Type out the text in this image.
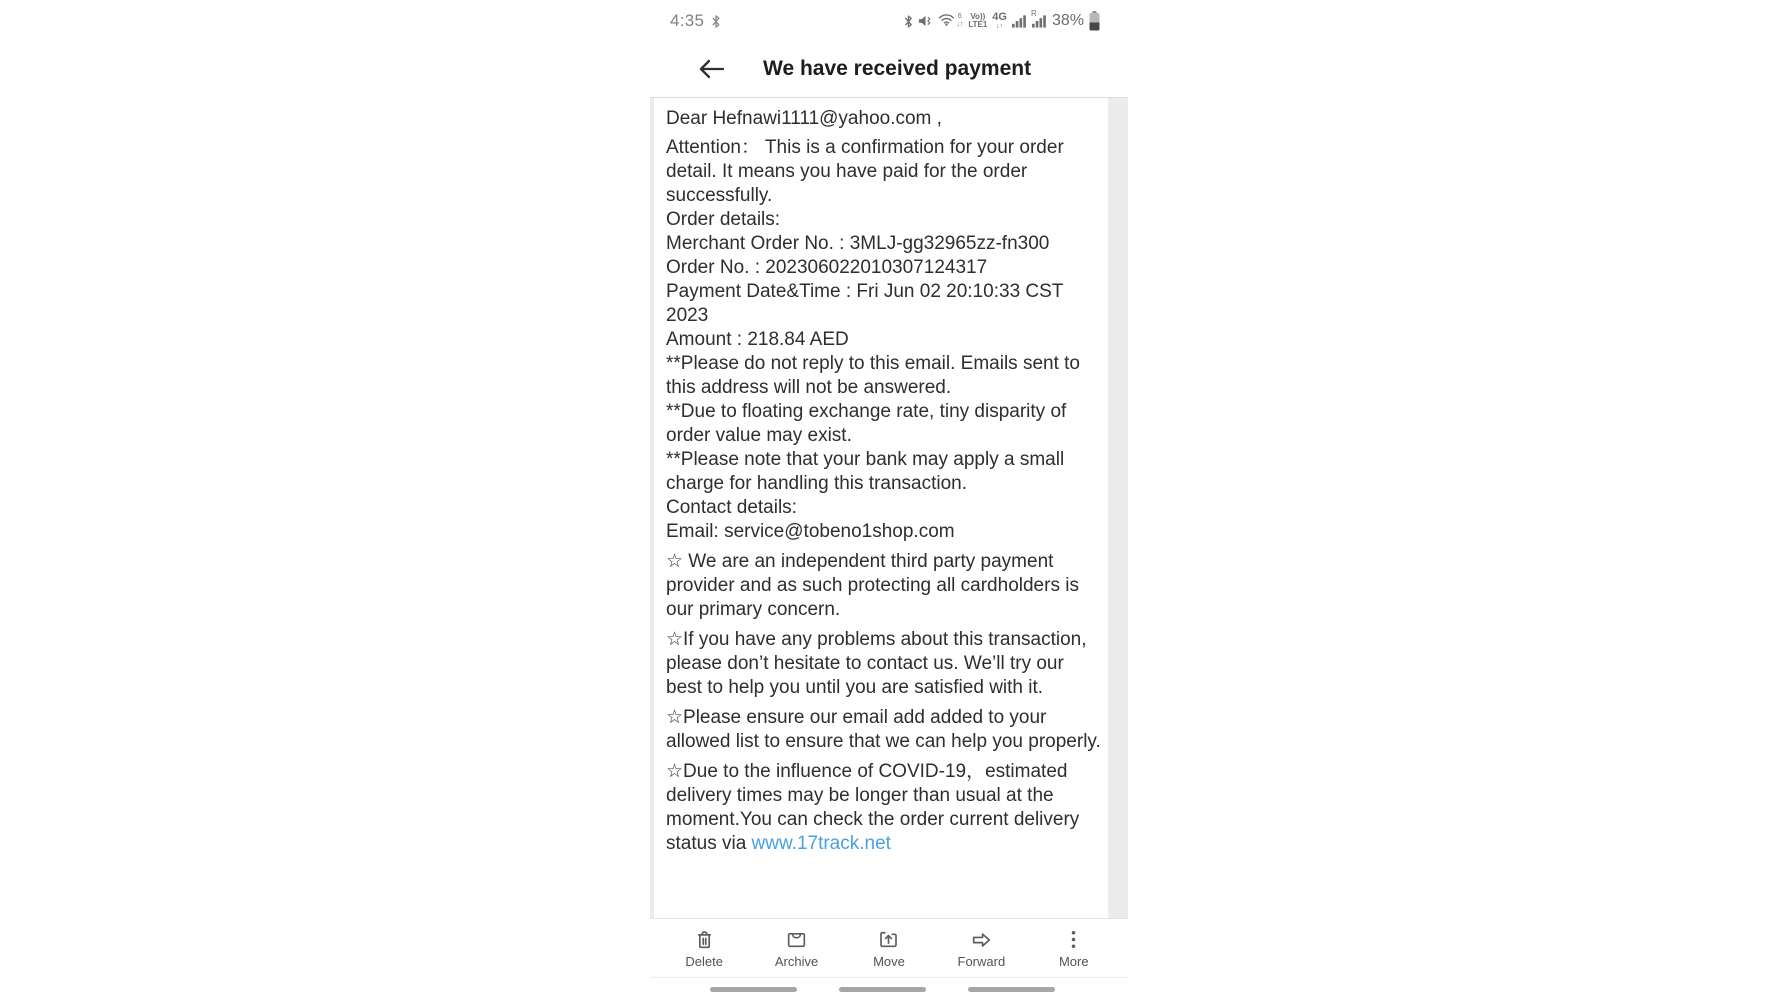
4:35	6
↓↑
Vo))
LTE1
4G
↓↑
R 38%
We have received payment

Dear Hefnawi1111@yahoo.com ,

Attention： This is a confirmation for your order detail. It means you have paid for the order successfully.

Order details:

Merchant Order No. : 3MLJ-gg32965zz-fn300

Order No. : 202306022010307124317

Payment Date&Time : Fri Jun 02 20:10:33 CST 2023

Amount : 218.84 AED

**Please do not reply to this email. Emails sent to this address will not be answered.

**Due to floating exchange rate, tiny disparity of order value may exist.

**Please note that your bank may apply a small charge for handling this transaction.

Contact details:

Email: service@tobeno1shop.com

☆ We are an independent third party payment provider and as such protecting all cardholders is our primary concern.

☆If you have any problems about this transaction, please don’t hesitate to contact us. We’ll try our best to help you until you are satisfied with it.

☆Please ensure our email add added to your allowed list to ensure that we can help you properly.

☆Due to the influence of COVID-19，estimated delivery times may be longer than usual at the moment.You can check the order current delivery status via www.17track.net

Delete	Archive	Move	Forward	More
